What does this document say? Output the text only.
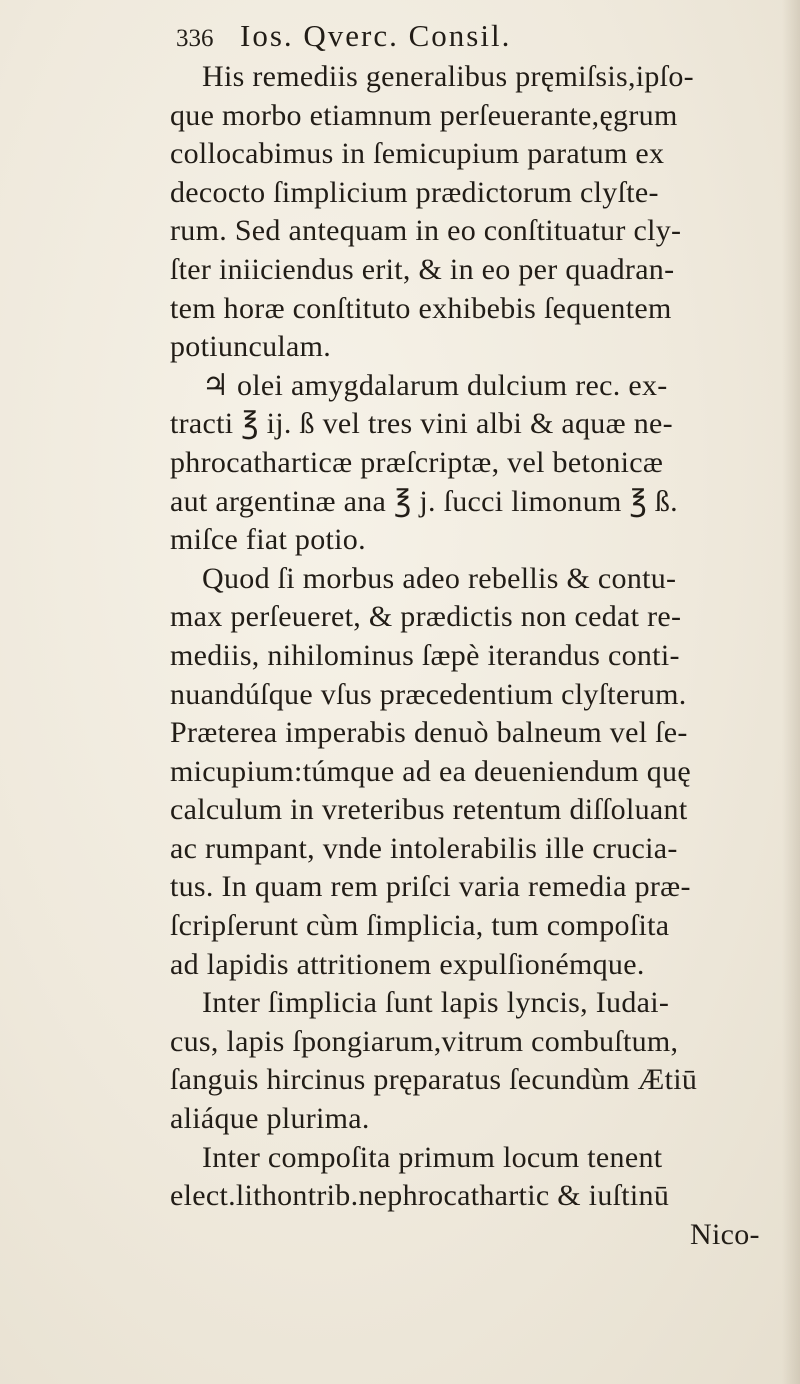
336 Ios. Qverc. Consil.
His remediis generalibus pręmiſsis,ipſo-
que morbo etiamnum perſeuerante,ęgrum
collocabimus in ſemicupium paratum ex
decocto ſimplicium prædictorum clyſte-
rum. Sed antequam in eo conſtituatur cly-
ſter iniiciendus erit, & in eo per quadran-
tem horæ conſtituto exhibebis ſequentem
potiunculam.
♃ olei amygdalarum dulcium rec. ex-
tracti ℥ ij. ß vel tres vini albi & aquæ ne-
phrocatharticæ præſcriptæ, vel betonicæ
aut argentinæ ana ℥ j. ſucci limonum ℥ ß.
miſce fiat potio.
Quod ſi morbus adeo rebellis & contu-
max perſeueret, & prædictis non cedat re-
mediis, nihilominus ſæpè iterandus conti-
nuandúſque vſus præcedentium clyſterum.
Præterea imperabis denuò balneum vel ſe-
micupium:túmque ad ea deueniendum quę
calculum in vreteribus retentum diſſoluant
ac rumpant, vnde intolerabilis ille crucia-
tus. In quam rem priſci varia remedia præ-
ſcripſerunt cùm ſimplicia, tum compoſita
ad lapidis attritionem expulſionémque.
Inter ſimplicia ſunt lapis lyncis, Iudai-
cus, lapis ſpongiarum,vitrum combuſtum,
ſanguis hircinus pręparatus ſecundùm Ætiū
aliáque plurima.
Inter compoſita primum locum tenent
elect.lithontrib.nephrocathartic & iuſtinū
Nico-
